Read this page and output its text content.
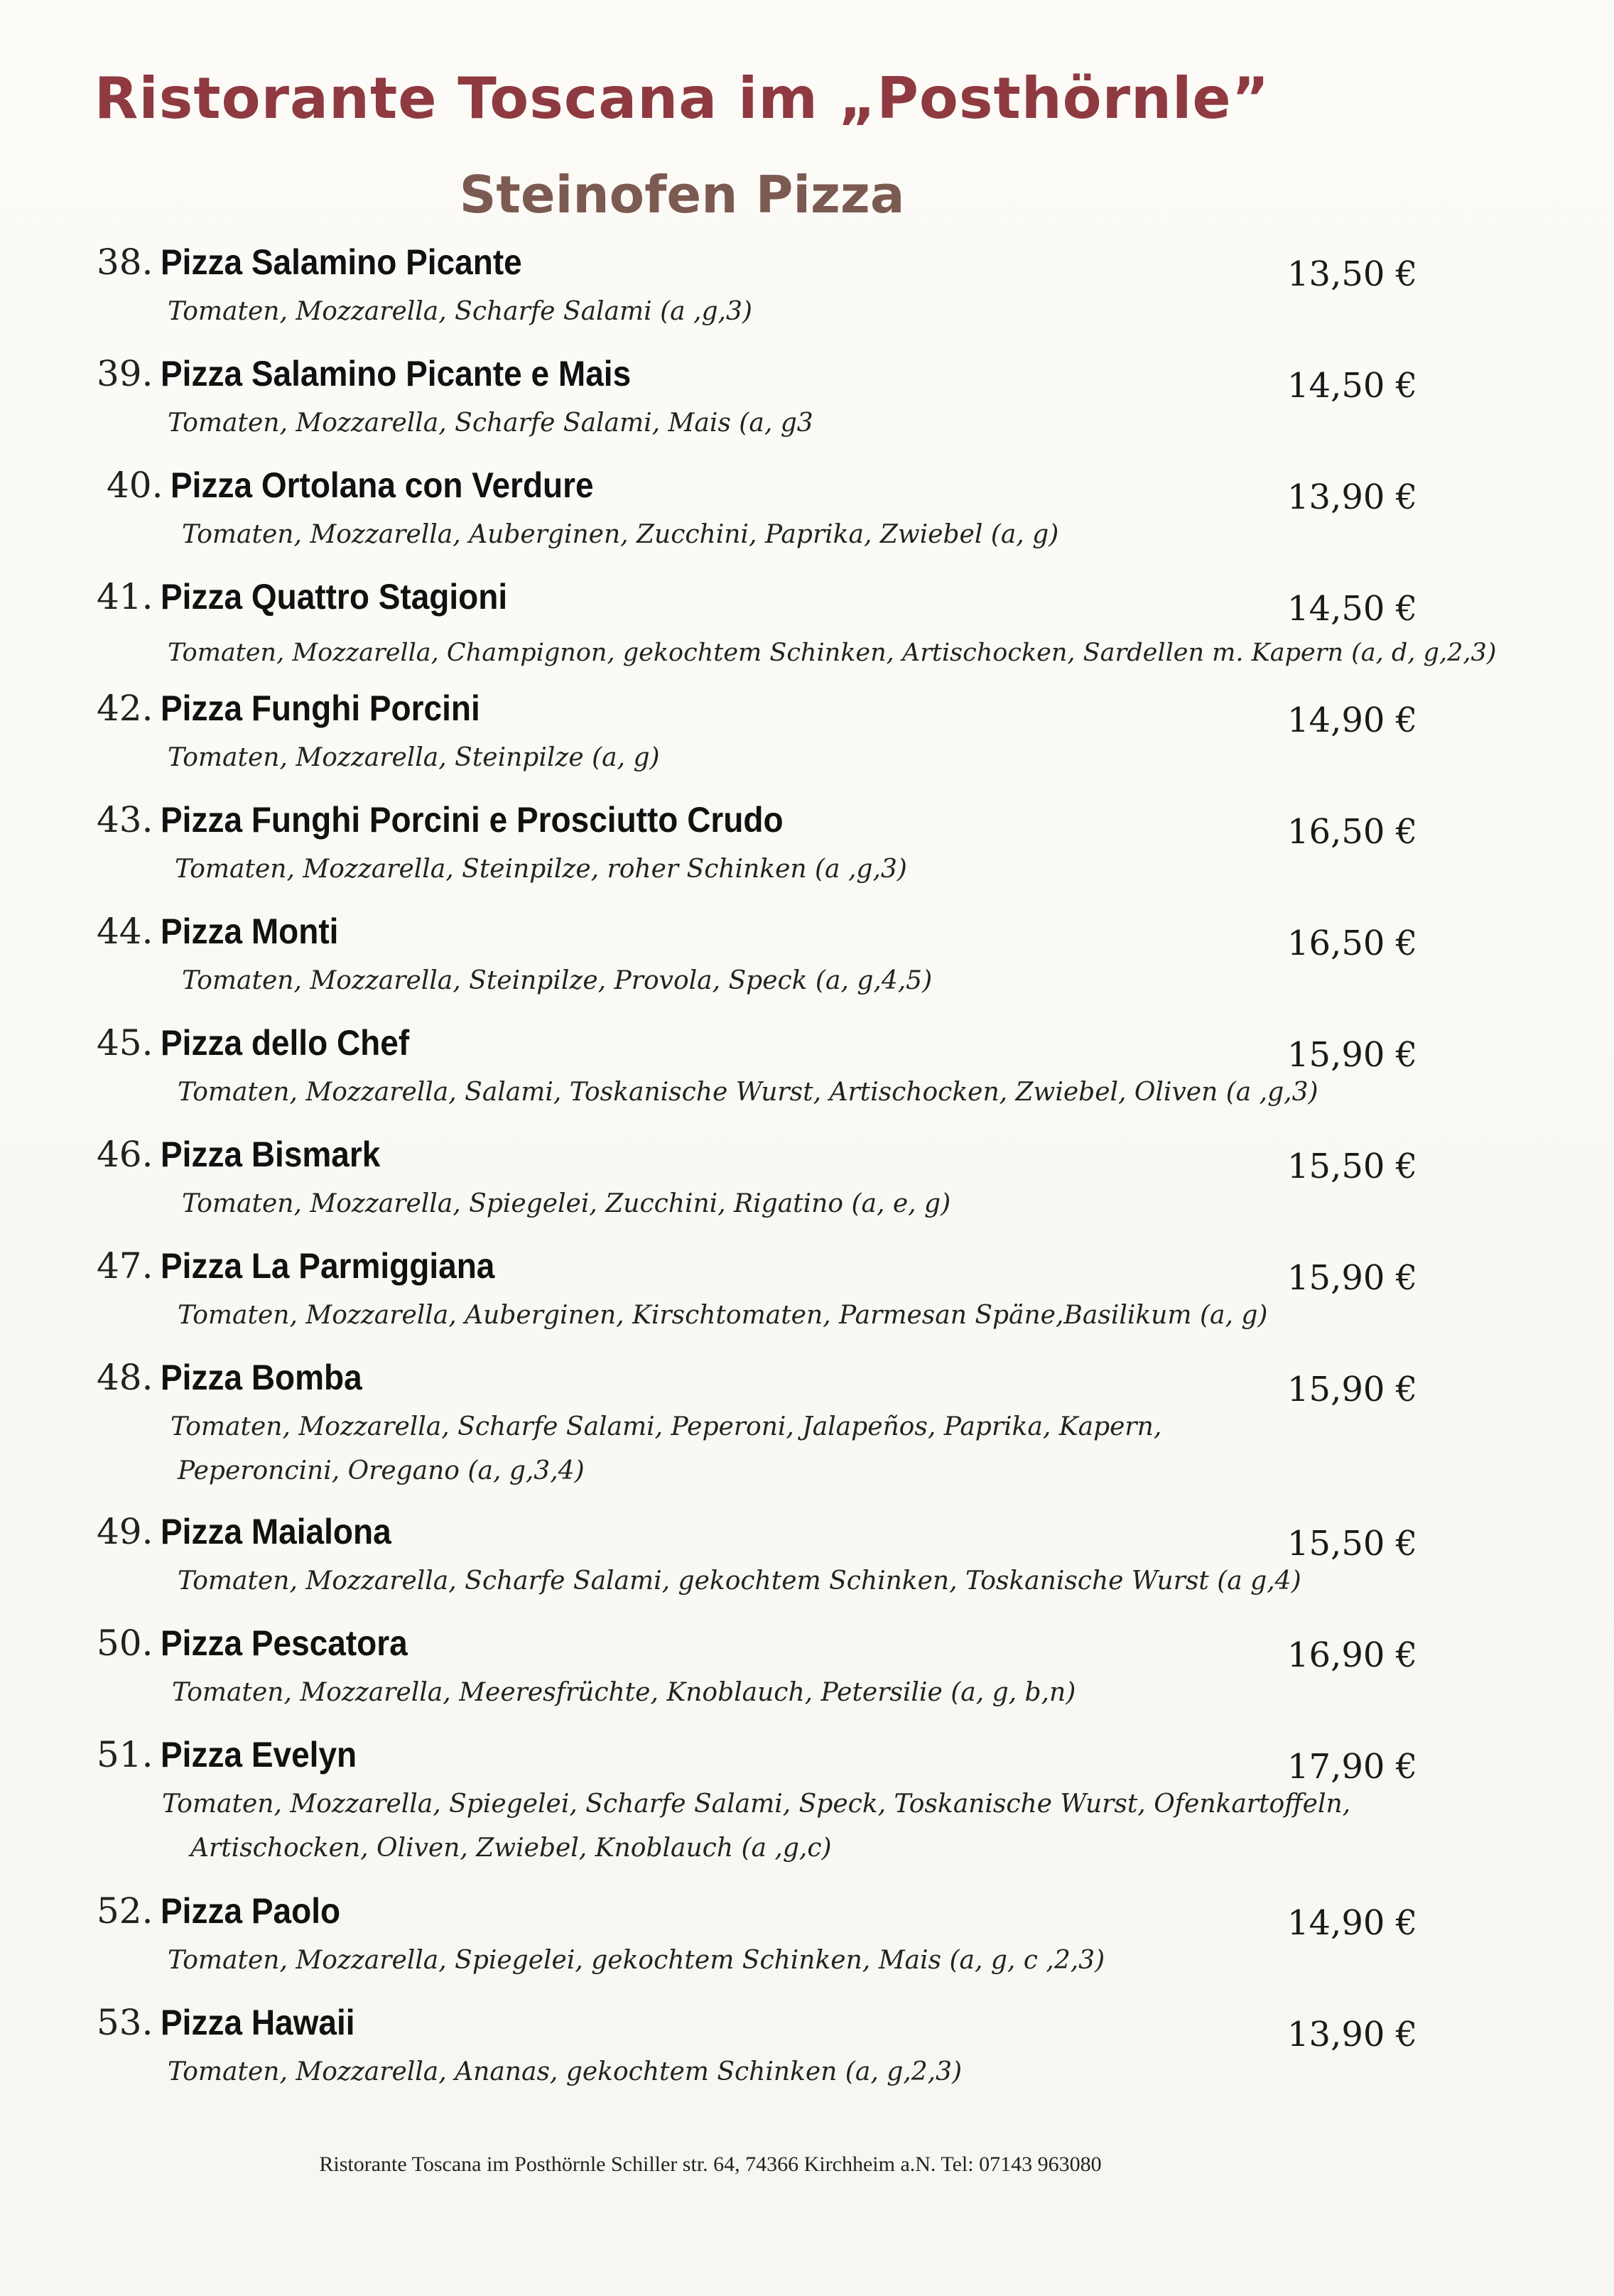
Ristorante Toscana im „Posthörnle”
Steinofen Pizza
38. Pizza Salamino Picante
Tomaten, Mozzarella, Scharfe Salami (a ,g,3)
13,50 €
39. Pizza Salamino Picante e Mais
Tomaten, Mozzarella, Scharfe Salami, Mais (a, g3
14,50 €
40. Pizza Ortolana con Verdure
Tomaten, Mozzarella, Auberginen, Zucchini, Paprika, Zwiebel (a, g)
13,90 €
41. Pizza Quattro Stagioni
Tomaten, Mozzarella, Champignon, gekochtem Schinken, Artischocken, Sardellen m. Kapern (a, d, g,2,3)
14,50 €
42. Pizza Funghi Porcini
Tomaten, Mozzarella, Steinpilze (a, g)
14,90 €
43. Pizza Funghi Porcini e Prosciutto Crudo
Tomaten, Mozzarella, Steinpilze, roher Schinken (a ,g,3)
16,50 €
44. Pizza Monti
Tomaten, Mozzarella, Steinpilze, Provola, Speck (a, g,4,5)
16,50 €
45. Pizza dello Chef
Tomaten, Mozzarella, Salami, Toskanische Wurst, Artischocken, Zwiebel, Oliven (a ,g,3)
15,90 €
46. Pizza Bismark
Tomaten, Mozzarella, Spiegelei, Zucchini, Rigatino (a, e, g)
15,50 €
47. Pizza La Parmiggiana
Tomaten, Mozzarella, Auberginen, Kirschtomaten, Parmesan Späne,Basilikum (a, g)
15,90 €
48. Pizza Bomba
Tomaten, Mozzarella, Scharfe Salami, Peperoni, Jalapeños, Paprika, Kapern,
Peperoncini, Oregano (a, g,3,4)
15,90 €
49. Pizza Maialona
Tomaten, Mozzarella, Scharfe Salami, gekochtem Schinken, Toskanische Wurst (a g,4)
15,50 €
50. Pizza Pescatora
Tomaten, Mozzarella, Meeresfrüchte, Knoblauch, Petersilie (a, g, b,n)
16,90 €
51. Pizza Evelyn
Tomaten, Mozzarella, Spiegelei, Scharfe Salami, Speck, Toskanische Wurst, Ofenkartoffeln,
Artischocken, Oliven, Zwiebel, Knoblauch (a ,g,c)
17,90 €
52. Pizza Paolo
Tomaten, Mozzarella, Spiegelei, gekochtem Schinken, Mais (a, g, c ,2,3)
14,90 €
53. Pizza Hawaii
Tomaten, Mozzarella, Ananas, gekochtem Schinken (a, g,2,3)
13,90 €
Ristorante Toscana im Posthörnle Schiller str. 64, 74366 Kirchheim a.N. Tel: 07143 963080
